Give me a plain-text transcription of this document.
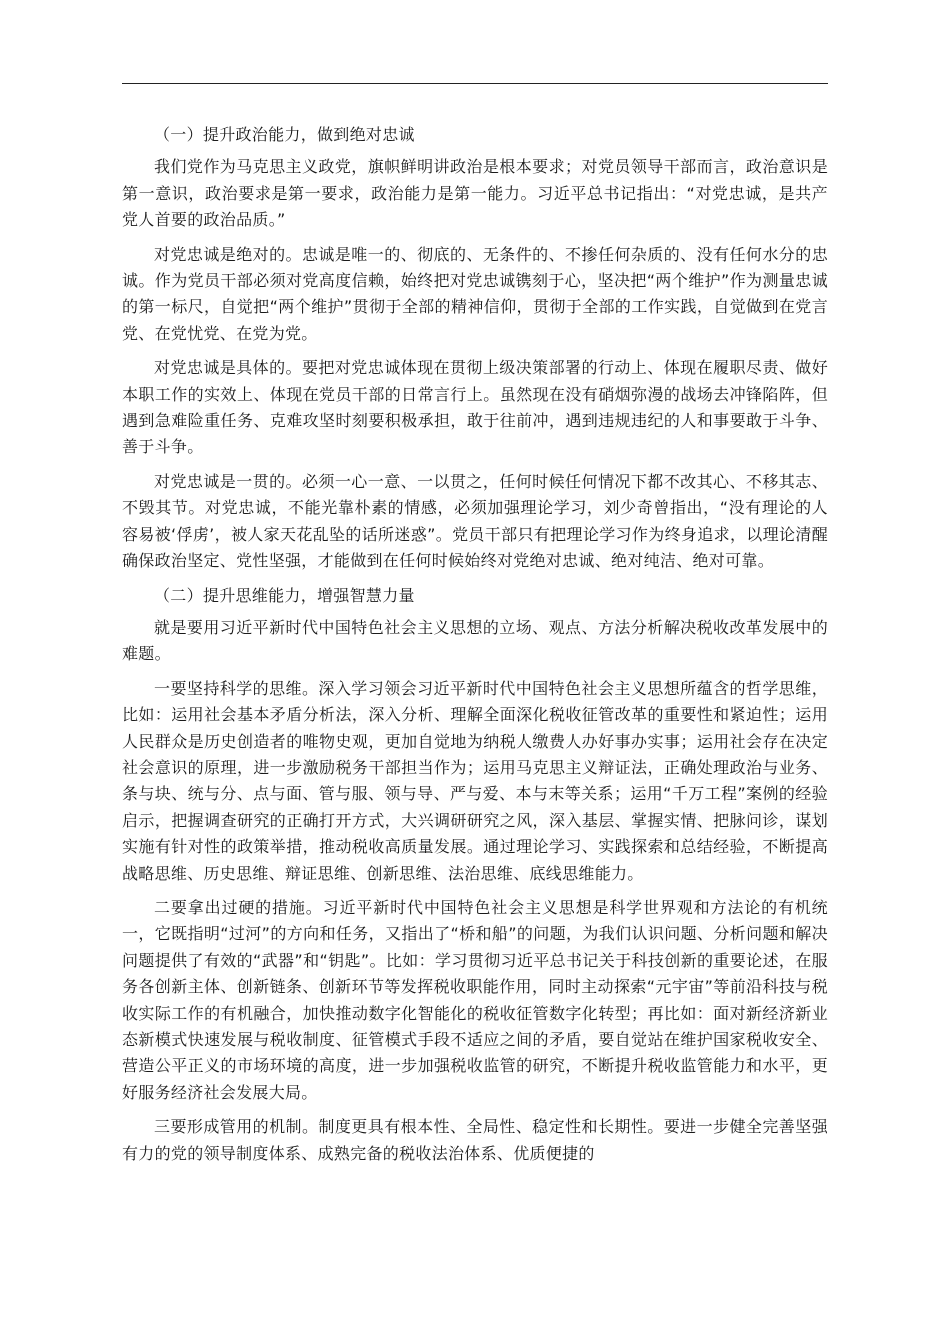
（一）提升政治能力，做到绝对忠诚

我们党作为马克思主义政党，旗帜鲜明讲政治是根本要求；对党员领导干部而言，政治意识是第一意识，政治要求是第一要求，政治能力是第一能力。习近平总书记指出：“对党忠诚，是共产党人首要的政治品质。”

对党忠诚是绝对的。忠诚是唯一的、彻底的、无条件的、不掺任何杂质的、没有任何水分的忠诚。作为党员干部必须对党高度信赖，始终把对党忠诚镌刻于心，坚决把“两个维护”作为测量忠诚的第一标尺，自觉把“两个维护”贯彻于全部的精神信仰，贯彻于全部的工作实践，自觉做到在党言党、在党忧党、在党为党。

对党忠诚是具体的。要把对党忠诚体现在贯彻上级决策部署的行动上、体现在履职尽责、做好本职工作的实效上、体现在党员干部的日常言行上。虽然现在没有硝烟弥漫的战场去冲锋陷阵，但遇到急难险重任务、克难攻坚时刻要积极承担，敢于往前冲，遇到违规违纪的人和事要敢于斗争、善于斗争。

对党忠诚是一贯的。必须一心一意、一以贯之，任何时候任何情况下都不改其心、不移其志、不毁其节。对党忠诚，不能光靠朴素的情感，必须加强理论学习，刘少奇曾指出，“没有理论的人容易被‘俘虏’，被人家天花乱坠的话所迷惑”。党员干部只有把理论学习作为终身追求，以理论清醒确保政治坚定、党性坚强，才能做到在任何时候始终对党绝对忠诚、绝对纯洁、绝对可靠。

（二）提升思维能力，增强智慧力量

就是要用习近平新时代中国特色社会主义思想的立场、观点、方法分析解决税收改革发展中的难题。

一要坚持科学的思维。深入学习领会习近平新时代中国特色社会主义思想所蕴含的哲学思维，比如：运用社会基本矛盾分析法，深入分析、理解全面深化税收征管改革的重要性和紧迫性；运用人民群众是历史创造者的唯物史观，更加自觉地为纳税人缴费人办好事办实事；运用社会存在决定社会意识的原理，进一步激励税务干部担当作为；运用马克思主义辩证法，正确处理政治与业务、条与块、统与分、点与面、管与服、领与导、严与爱、本与末等关系；运用“千万工程”案例的经验启示，把握调查研究的正确打开方式，大兴调研研究之风，深入基层、掌握实情、把脉问诊，谋划实施有针对性的政策举措，推动税收高质量发展。通过理论学习、实践探索和总结经验，不断提高战略思维、历史思维、辩证思维、创新思维、法治思维、底线思维能力。

二要拿出过硬的措施。习近平新时代中国特色社会主义思想是科学世界观和方法论的有机统一，它既指明“过河”的方向和任务，又指出了“桥和船”的问题，为我们认识问题、分析问题和解决问题提供了有效的“武器”和“钥匙”。比如：学习贯彻习近平总书记关于科技创新的重要论述，在服务各创新主体、创新链条、创新环节等发挥税收职能作用，同时主动探索“元宇宙”等前沿科技与税收实际工作的有机融合，加快推动数字化智能化的税收征管数字化转型；再比如：面对新经济新业态新模式快速发展与税收制度、征管模式手段不适应之间的矛盾，要自觉站在维护国家税收安全、营造公平正义的市场环境的高度，进一步加强税收监管的研究，不断提升税收监管能力和水平，更好服务经济社会发展大局。

三要形成管用的机制。制度更具有根本性、全局性、稳定性和长期性。要进一步健全完善坚强有力的党的领导制度体系、成熟完备的税收法治体系、优质便捷的
